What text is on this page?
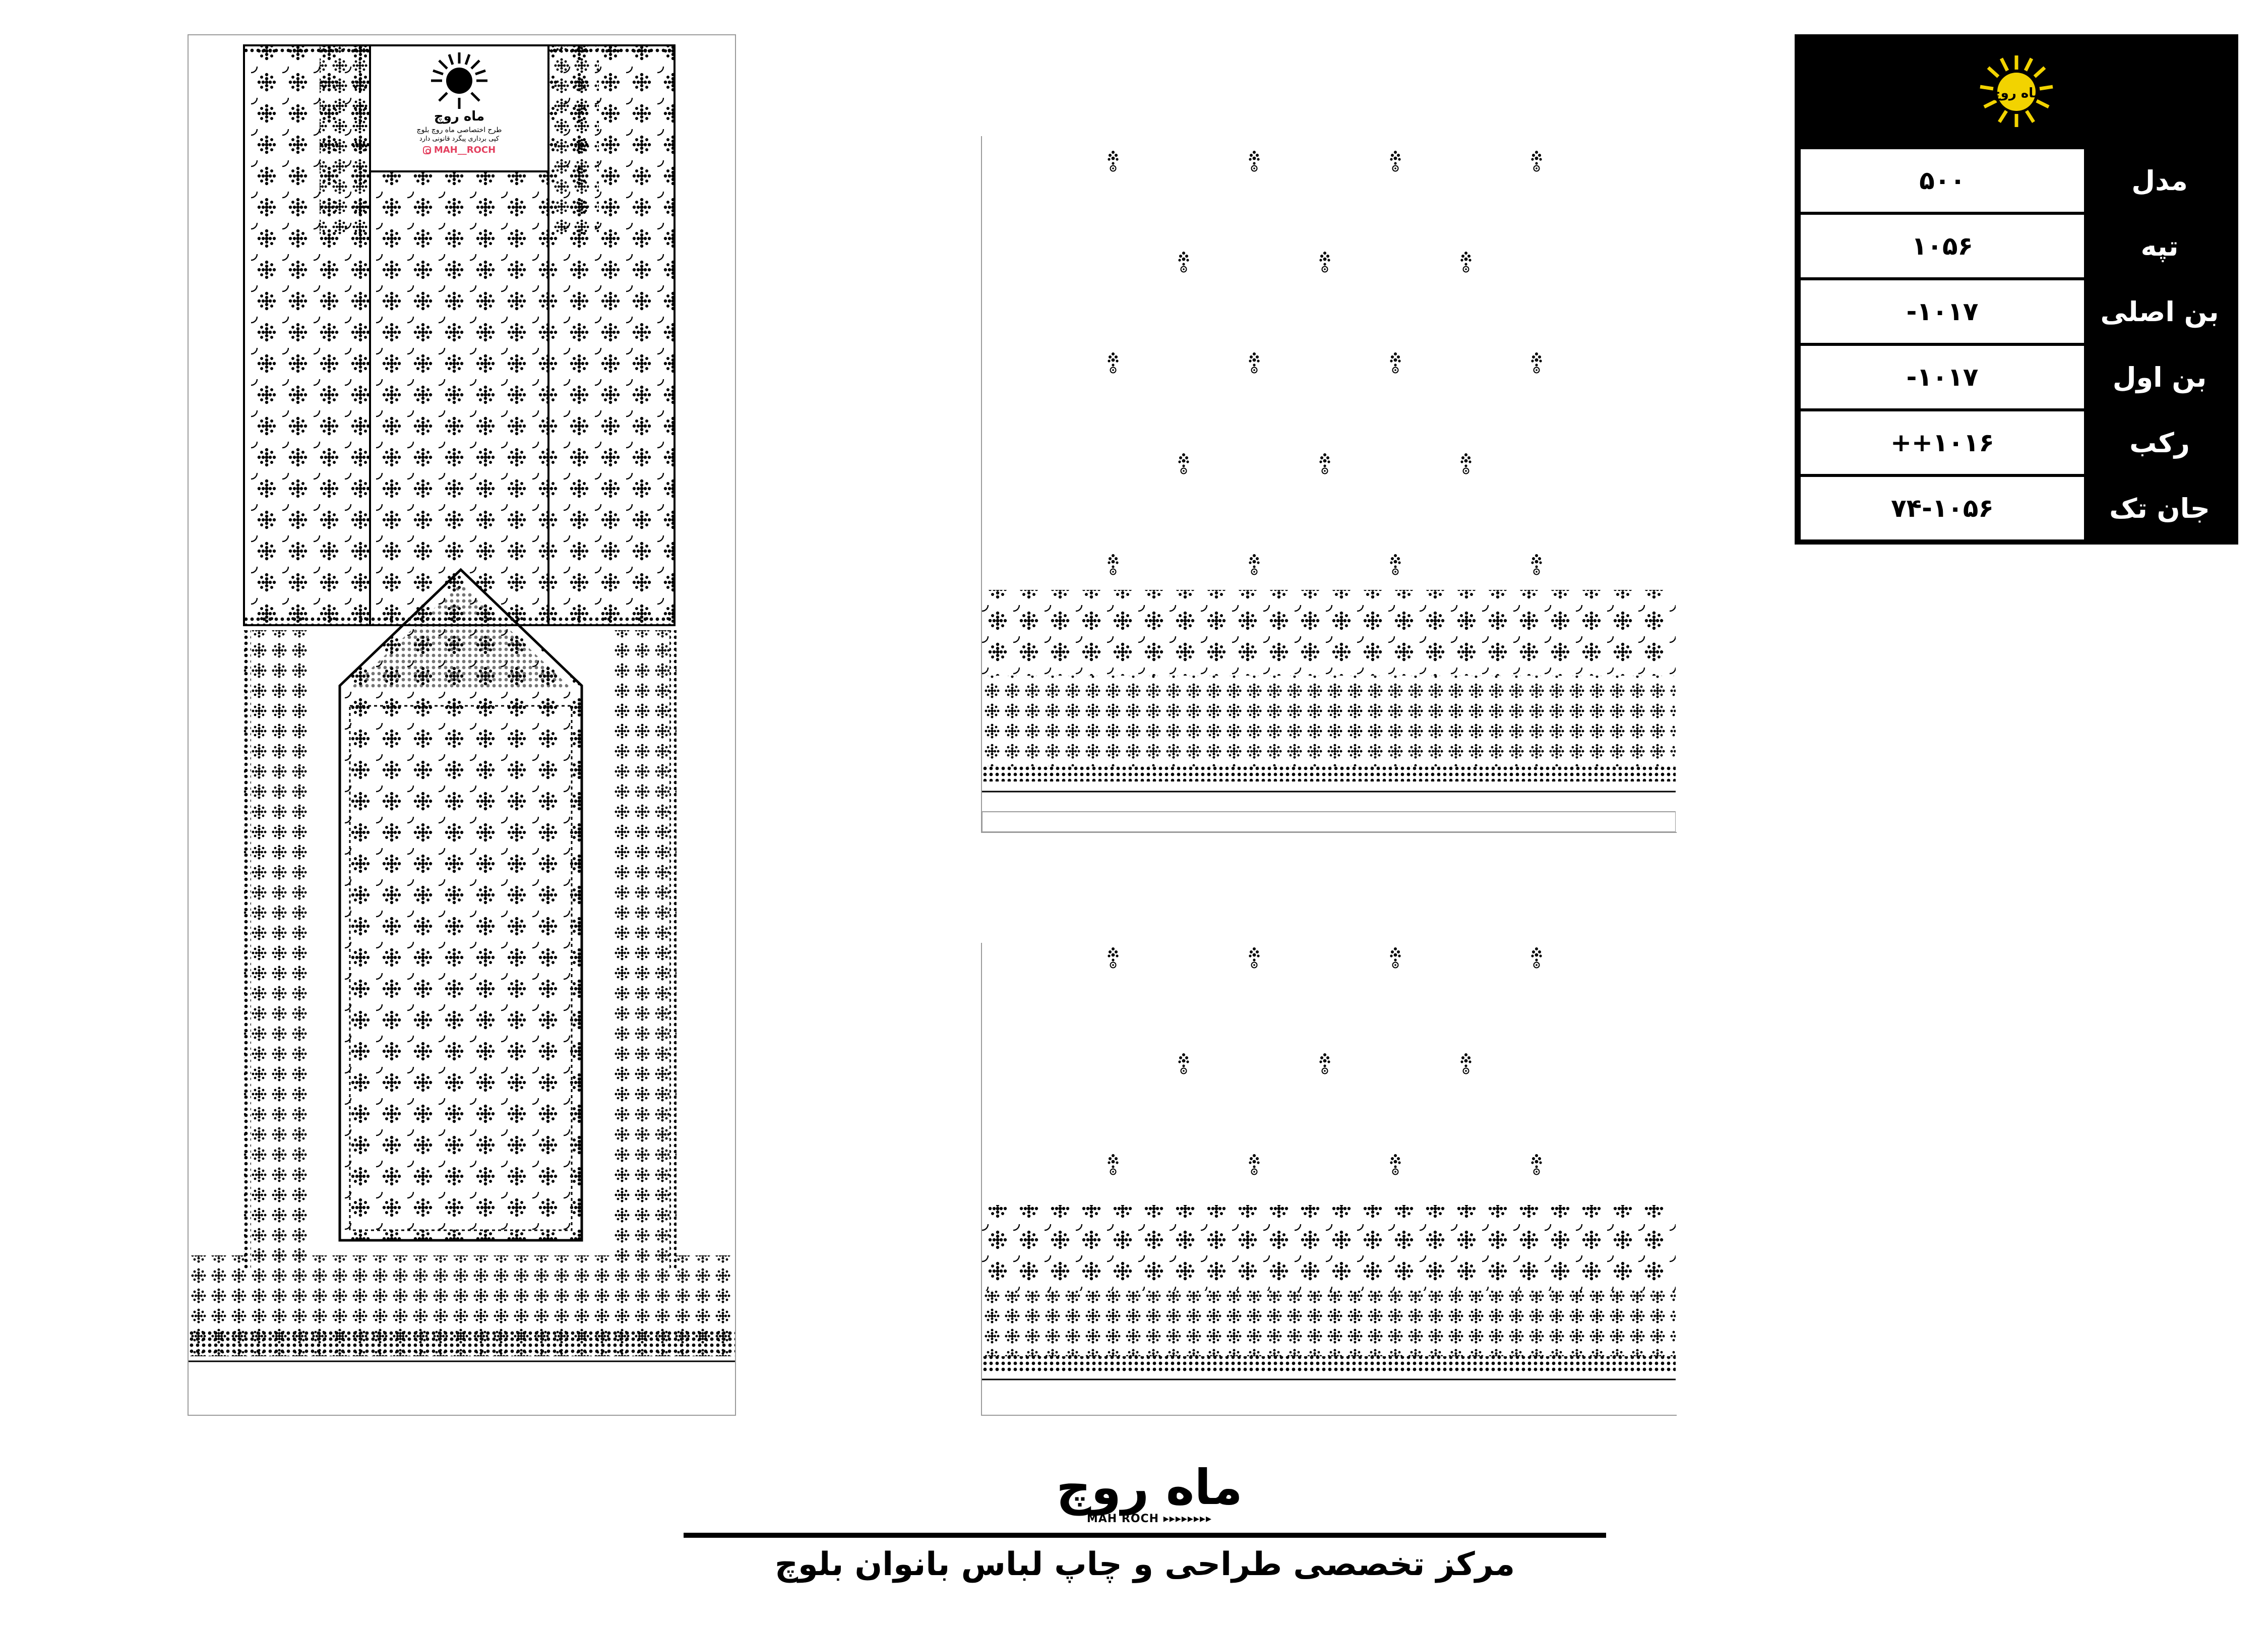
ماه روچ
طرح اختصاصی ماه روچ بلوچ
کپی برداری پیگرد قانونی دارد
MAH__ROCH
ماه روچ
۵۰۰	مدل
۱۰۵۶	تپه
۱۰۱۷-	بن اصلی
۱۰۱۷-	بن اول
۱۰۱۶++	رکب
۷۴-۱۰۵۶	جان تک
ماه روچ
MAH ROCH ▸▸▸▸▸▸▸▸
مرکز تخصصی طراحی و چاپ لباس بانوان بلوچ
